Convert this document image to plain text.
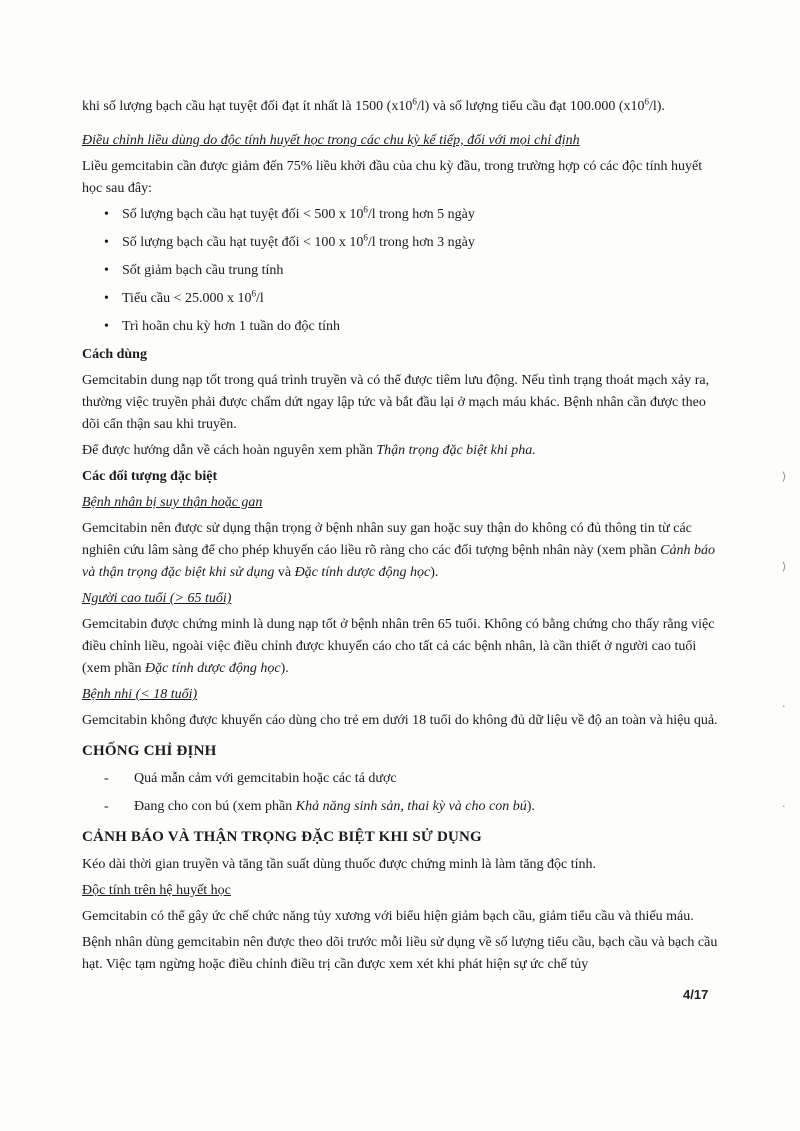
khi số lượng bạch cầu hạt tuyệt đối đạt ít nhất là 1500 $(x10^6/l)$ và số lượng tiểu cầu đạt 100.000 $(x10^6/l)$.

Điều chỉnh liều dùng do độc tính huyết học trong các chu kỳ kế tiếp, đối với mọi chỉ định

Liều gemcitabin cần được giảm đến 75% liều khởi đầu của chu kỳ đầu, trong trường hợp có các độc tính huyết học sau đây:

• Số lượng bạch cầu hạt tuyệt đối < 500 x $10^6/l$ trong hơn 5 ngày
• Số lượng bạch cầu hạt tuyệt đối < 100 x $10^6/l$ trong hơn 3 ngày
• Sốt giảm bạch cầu trung tính
• Tiểu cầu < 25.000 x $10^6/l$
• Trì hoãn chu kỳ hơn 1 tuần do độc tính

Cách dùng

Gemcitabin dung nạp tốt trong quá trình truyền và có thể được tiêm lưu động. Nếu tình trạng thoát mạch xảy ra, thường việc truyền phải được chấm dứt ngay lập tức và bắt đầu lại ở mạch máu khác. Bệnh nhân cần được theo dõi cẩn thận sau khi truyền.

Để được hướng dẫn về cách hoàn nguyên xem phần Thận trọng đặc biệt khi pha.

Các đối tượng đặc biệt

Bệnh nhân bị suy thận hoặc gan

Gemcitabin nên được sử dụng thận trọng ở bệnh nhân suy gan hoặc suy thận do không có đủ thông tin từ các nghiên cứu lâm sàng để cho phép khuyến cáo liều rõ ràng cho các đối tượng bệnh nhân này (xem phần Cảnh báo và thận trọng đặc biệt khi sử dụng và Đặc tính dược động học).

Người cao tuổi (> 65 tuổi)

Gemcitabin được chứng minh là dung nạp tốt ở bệnh nhân trên 65 tuổi. Không có bằng chứng cho thấy rằng việc điều chỉnh liều, ngoài việc điều chỉnh được khuyến cáo cho tất cả các bệnh nhân, là cần thiết ở người cao tuổi (xem phần Đặc tính dược động học).

Bệnh nhi (< 18 tuổi)

Gemcitabin không được khuyến cáo dùng cho trẻ em dưới 18 tuổi do không đủ dữ liệu về độ an toàn và hiệu quả.

CHỐNG CHỈ ĐỊNH

- Quá mẫn cảm với gemcitabin hoặc các tá dược
- Đang cho con bú (xem phần Khả năng sinh sản, thai kỳ và cho con bú).

CẢNH BÁO VÀ THẬN TRỌNG ĐẶC BIỆT KHI SỬ DỤNG

Kéo dài thời gian truyền và tăng tần suất dùng thuốc được chứng minh là làm tăng độc tính.

Độc tính trên hệ huyết học

Gemcitabin có thể gây ức chế chức năng tủy xương với biểu hiện giảm bạch cầu, giảm tiểu cầu và thiếu máu.

Bệnh nhân dùng gemcitabin nên được theo dõi trước mỗi liều sử dụng về số lượng tiểu cầu, bạch cầu và bạch cầu hạt. Việc tạm ngừng hoặc điều chỉnh điều trị cần được xem xét khi phát hiện sự ức chế tủy

4/17
⟩
⟩
·
·
